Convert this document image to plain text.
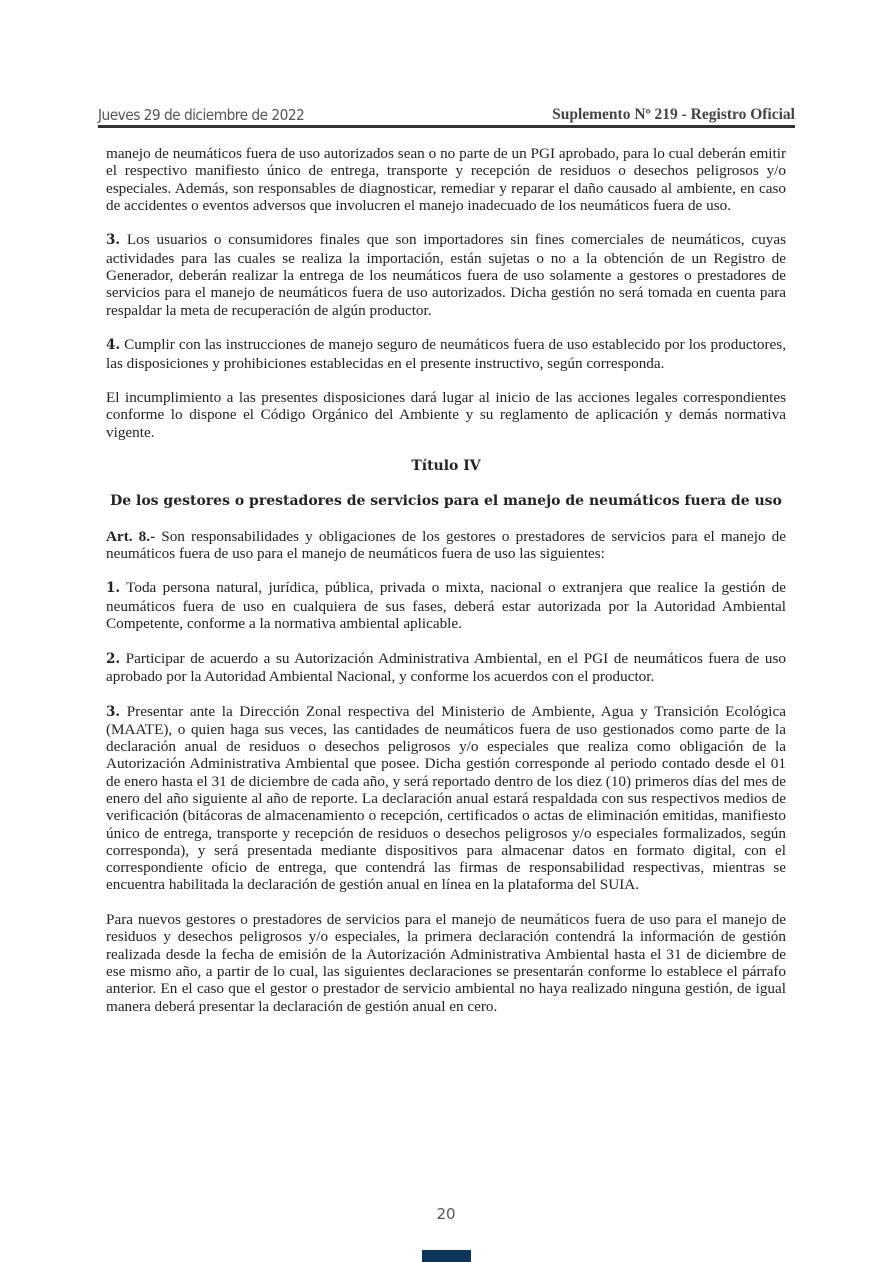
Jueves 29 de diciembre de 2022	Suplemento Nº 219 - Registro Oficial

manejo de neumáticos fuera de uso autorizados sean o no parte de un PGI aprobado, para lo cual deberán emitir el respectivo manifiesto único de entrega, transporte y recepción de residuos o desechos peligrosos y/o especiales. Además, son responsables de diagnosticar, remediar y reparar el daño causado al ambiente, en caso de accidentes o eventos adversos que involucren el manejo inadecuado de los neumáticos fuera de uso.

3. Los usuarios o consumidores finales que son importadores sin fines comerciales de neumáticos, cuyas actividades para las cuales se realiza la importación, están sujetas o no a la obtención de un Registro de Generador, deberán realizar la entrega de los neumáticos fuera de uso solamente a gestores o prestadores de servicios para el manejo de neumáticos fuera de uso autorizados. Dicha gestión no será tomada en cuenta para respaldar la meta de recuperación de algún productor.

4. Cumplir con las instrucciones de manejo seguro de neumáticos fuera de uso establecido por los productores, las disposiciones y prohibiciones establecidas en el presente instructivo, según corresponda.

El incumplimiento a las presentes disposiciones dará lugar al inicio de las acciones legales correspondientes conforme lo dispone el Código Orgánico del Ambiente y su reglamento de aplicación y demás normativa vigente.

Título IV

De los gestores o prestadores de servicios para el manejo de neumáticos fuera de uso

Art. 8.- Son responsabilidades y obligaciones de los gestores o prestadores de servicios para el manejo de neumáticos fuera de uso para el manejo de neumáticos fuera de uso las siguientes:

1. Toda persona natural, jurídica, pública, privada o mixta, nacional o extranjera que realice la gestión de neumáticos fuera de uso en cualquiera de sus fases, deberá estar autorizada por la Autoridad Ambiental Competente, conforme a la normativa ambiental aplicable.

2. Participar de acuerdo a su Autorización Administrativa Ambiental, en el PGI de neumáticos fuera de uso aprobado por la Autoridad Ambiental Nacional, y conforme los acuerdos con el productor.

3. Presentar ante la Dirección Zonal respectiva del Ministerio de Ambiente, Agua y Transición Ecológica (MAATE), o quien haga sus veces, las cantidades de neumáticos fuera de uso gestionados como parte de la declaración anual de residuos o desechos peligrosos y/o especiales que realiza como obligación de la Autorización Administrativa Ambiental que posee. Dicha gestión corresponde al periodo contado desde el 01 de enero hasta el 31 de diciembre de cada año, y será reportado dentro de los diez (10) primeros días del mes de enero del año siguiente al año de reporte. La declaración anual estará respaldada con sus respectivos medios de verificación (bitácoras de almacenamiento o recepción, certificados o actas de eliminación emitidas, manifiesto único de entrega, transporte y recepción de residuos o desechos peligrosos y/o especiales formalizados, según corresponda), y será presentada mediante dispositivos para almacenar datos en formato digital, con el correspondiente oficio de entrega, que contendrá las firmas de responsabilidad respectivas, mientras se encuentra habilitada la declaración de gestión anual en línea en la plataforma del SUIA.

Para nuevos gestores o prestadores de servicios para el manejo de neumáticos fuera de uso para el manejo de residuos y desechos peligrosos y/o especiales, la primera declaración contendrá la información de gestión realizada desde la fecha de emisión de la Autorización Administrativa Ambiental hasta el 31 de diciembre de ese mismo año, a partir de lo cual, las siguientes declaraciones se presentarán conforme lo establece el párrafo anterior. En el caso que el gestor o prestador de servicio ambiental no haya realizado ninguna gestión, de igual manera deberá presentar la declaración de gestión anual en cero.

20
